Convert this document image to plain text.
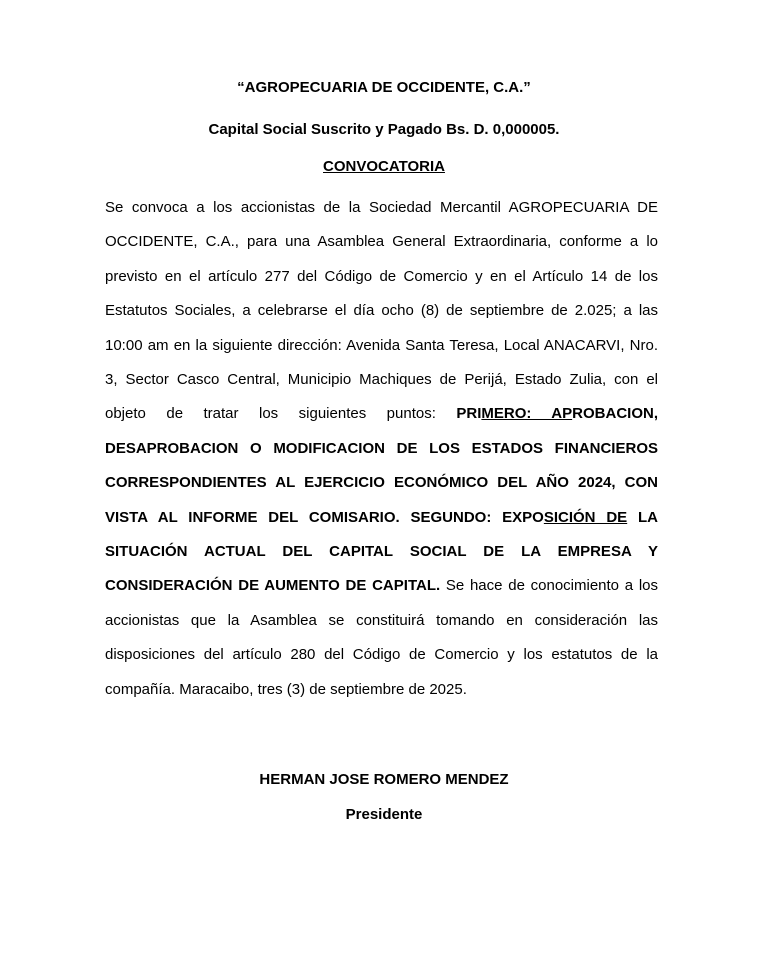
“AGROPECUARIA DE OCCIDENTE, C.A.”
Capital Social Suscrito y Pagado Bs. D. 0,000005.
CONVOCATORIA
Se convoca a los accionistas de la Sociedad Mercantil AGROPECUARIA DE OCCIDENTE, C.A., para una Asamblea General Extraordinaria, conforme a lo previsto en el artículo 277 del Código de Comercio y en el Artículo 14 de los Estatutos Sociales, a celebrarse el día ocho (8) de septiembre de 2.025; a las 10:00 am en la siguiente dirección: Avenida Santa Teresa, Local ANACARVI, Nro. 3, Sector Casco Central, Municipio Machiques de Perijá, Estado Zulia, con el objeto de tratar los siguientes puntos: PRIMERO: APROBACION, DESAPROBACION O MODIFICACION DE LOS ESTADOS FINANCIEROS CORRESPONDIENTES AL EJERCICIO ECONÓMICO DEL AÑO 2024, CON VISTA AL INFORME DEL COMISARIO. SEGUNDO: EXPOSICIÓN DE LA SITUACIÓN ACTUAL DEL CAPITAL SOCIAL DE LA EMPRESA Y CONSIDERACIÓN DE AUMENTO DE CAPITAL. Se hace de conocimiento a los accionistas que la Asamblea se constituirá tomando en consideración las disposiciones del artículo 280 del Código de Comercio y los estatutos de la compañía. Maracaibo, tres (3) de septiembre de 2025.
HERMAN JOSE ROMERO MENDEZ
Presidente
